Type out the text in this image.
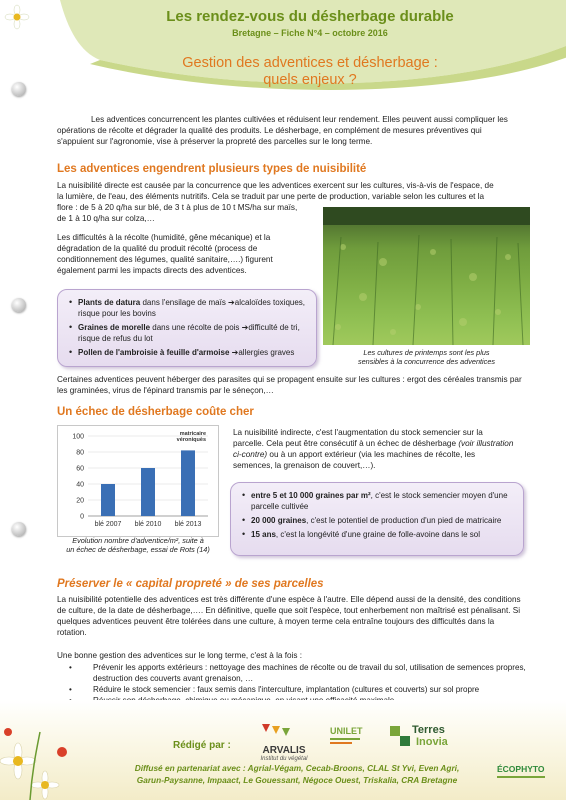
Les rendez-vous du désherbage durable
Bretagne – Fiche N°4 – octobre 2016
Gestion des adventices et désherbage :
quels enjeux ?
Les adventices concurrencent les plantes cultivées et réduisent leur rendement. Elles peuvent aussi compliquer les opérations de récolte et dégrader la qualité des produits. Le désherbage, en complément de mesures préventives qui s'appuient sur l'agronomie, vise à préserver la propreté des parcelles sur le long terme.
Les adventices engendrent plusieurs types de nuisibilité
La nuisibilité directe est causée par la concurrence que les adventices exercent sur les cultures, vis-à-vis de l'espace, de
la lumière, de l'eau, des éléments nutritifs. Cela se traduit par une perte de production, variable selon les cultures et la
flore : de 5 à 20 q/ha sur blé, de 3 t à plus de 10 t MS/ha sur maïs,
de 1 à 10 q/ha sur colza,…
Les difficultés à la récolte (humidité, gêne mécanique) et la dégradation de la qualité du produit récolté (process de conditionnement des légumes, qualité sanitaire,….) figurent également parmi les impacts directs des adventices.
• Plants de datura dans l'ensilage de maïs ➔alcaloïdes toxiques, risque pour les bovins
• Graines de morelle dans une récolte de pois ➔difficulté de tri, risque de refus du lot
• Pollen de l'ambroisie à feuille d'armoise ➔allergies graves	Les cultures de printemps sont les plus
sensibles à la concurrence des adventices
Certaines adventices peuvent héberger des parasites qui se propagent ensuite sur les cultures : ergot des céréales transmis par les graminées, virus de l'épinard transmis par le séneçon,…
Un échec de désherbage coûte cher
0
20
40
60
80
100
blé 2007 blé 2010 blé 2013
matricaire
véroniquès
Evolution nombre d'adventice/m², suite à
un échec de désherbage, essai de Rots (14)
La nuisibilité indirecte, c'est l'augmentation du stock semencier sur la parcelle. Cela peut être consécutif à un échec de désherbage (voir illustration ci-contre) ou à un apport extérieur (via les machines de récolte, les semences, la grenaison de couvert,…).
• entre 5 et 10 000 graines par m², c'est le stock semencier moyen d'une parcelle cultivée
• 20 000 graines, c'est le potentiel de production d'un pied de matricaire
• 15 ans, c'est la longévité d'une graine de folle-avoine dans le sol
Préserver le « capital propreté » de ses parcelles
La nuisibilité potentielle des adventices est très différente d'une espèce à l'autre. Elle dépend aussi de la densité, des conditions de culture, de la date de désherbage,…. En définitive, quelle que soit l'espèce, tout enherbement non maîtrisé est pénalisant. Si quelques adventices peuvent être tolérées dans une culture, à moyen terme cela entraîne toujours des difficultés dans la rotation.
Une bonne gestion des adventices sur le long terme, c'est à la fois :
• Prévenir les apports extérieurs : nettoyage des machines de récolte ou de travail du sol, utilisation de semences propres, destruction des couverts avant grenaison, …
• Réduire le stock semencier : faux semis dans l'interculture, implantation (cultures et couverts) sur sol propre
•
Rédigé par :	ARVALIS
Institut du végétal
UNILET	Terres
Inovia
ÉCOPHYTO
Diffusé en partenariat avec : Agrial-Végam, Cecab-Broons, CLAL St Yvi, Even Agri,
Garun-Paysanne, Impaact, Le Gouessant, Négoce Ouest, Triskalia, CRA Bretagne
